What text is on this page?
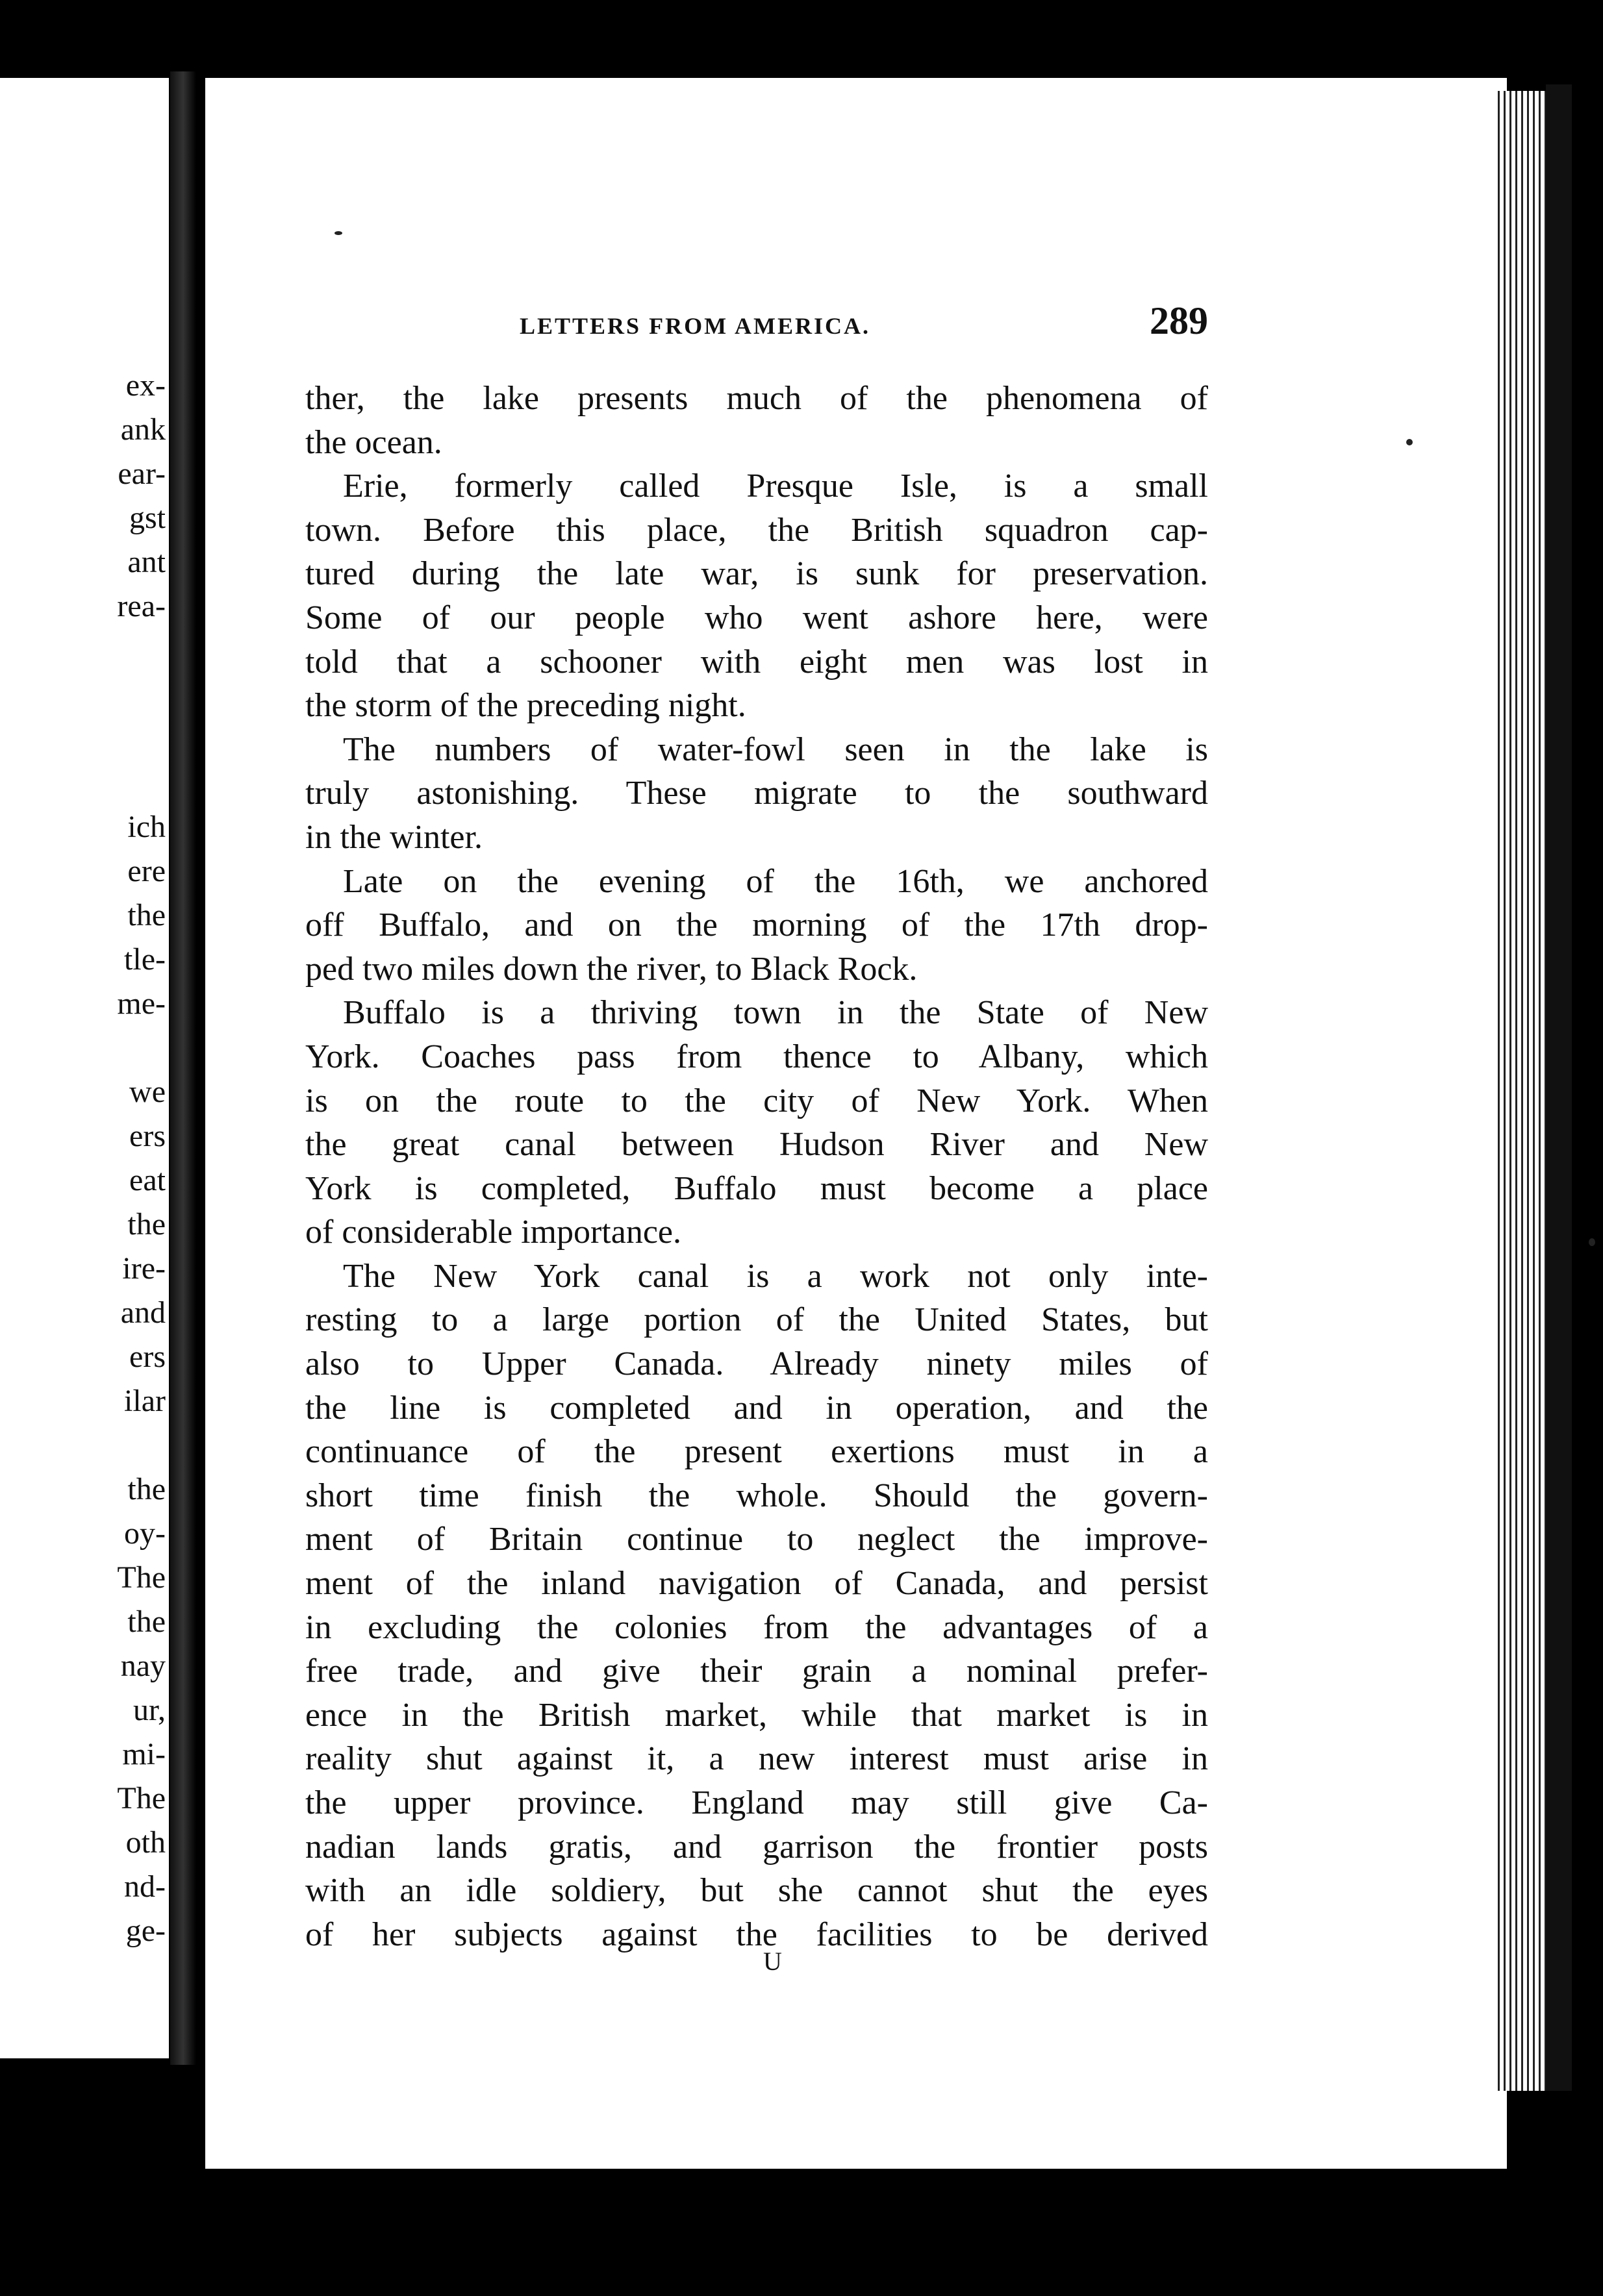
ex-
ank
ear-
gst
ant
rea-
ich
ere
the
tle-
me-
we
ers
eat
the
ire-
and
ers
ilar
the
oy-
The
the
nay
ur,
mi-
The
oth
nd-
ge-
LETTERS FROM AMERICA.	289
ther, the lake presents much of the phenomena of
the ocean.
Erie, formerly called Presque Isle, is a small
town. Before this place, the British squadron cap-
tured during the late war, is sunk for preservation.
Some of our people who went ashore here, were
told that a schooner with eight men was lost in
the storm of the preceding night.
The numbers of water-fowl seen in the lake is
truly astonishing. These migrate to the southward
in the winter.
Late on the evening of the 16th, we anchored
off Buffalo, and on the morning of the 17th drop-
ped two miles down the river, to Black Rock.
Buffalo is a thriving town in the State of New
York. Coaches pass from thence to Albany, which
is on the route to the city of New York. When
the great canal between Hudson River and New
York is completed, Buffalo must become a place
of considerable importance.
The New York canal is a work not only inte-
resting to a large portion of the United States, but
also to Upper Canada. Already ninety miles of
the line is completed and in operation, and the
continuance of the present exertions must in a
short time finish the whole. Should the govern-
ment of Britain continue to neglect the improve-
ment of the inland navigation of Canada, and persist
in excluding the colonies from the advantages of a
free trade, and give their grain a nominal prefer-
ence in the British market, while that market is in
reality shut against it, a new interest must arise in
the upper province. England may still give Ca-
nadian lands gratis, and garrison the frontier posts
with an idle soldiery, but she cannot shut the eyes
of her subjects against the facilities to be derived
U
